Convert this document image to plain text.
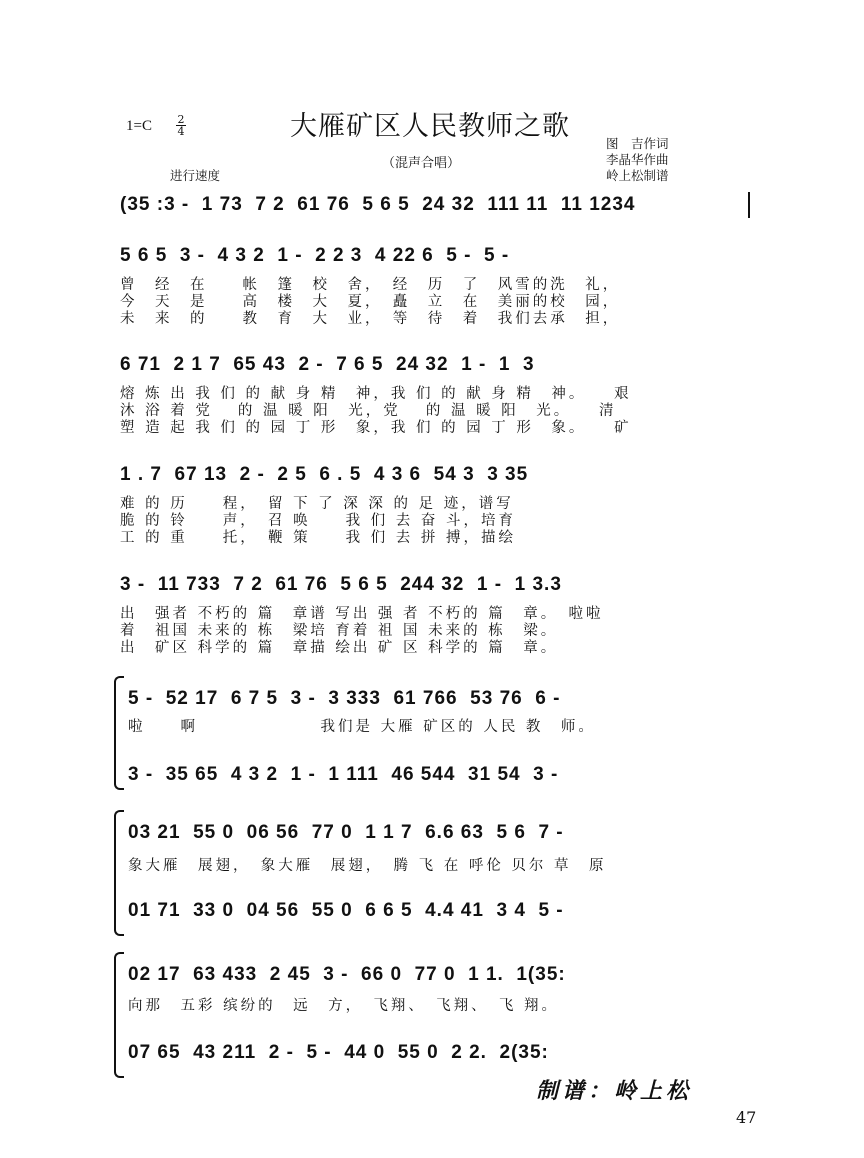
大雁矿区人民教师之歌
1=C 2
4
（混声合唱）
图　吉作词
李晶华作曲
岭上松制谱
进行速度
(35 :3 -  1 73  7 2  61 76  5 6 5  24 32  111 11  11 1234
5 6 5  3 -  4 3 2  1 -  2 2 3  4 22 6  5 -  5 -
曾　经　在　　帐　篷　校　舍，　经　历　了　风雪的洗　礼，
今　天　是　　高　楼　大　夏，　矗　立　在　美丽的校　园，
未　来　的　　教　育　大　业，　等　待　着　我们去承　担，
6 71  2 1 7  65 43  2 -  7 6 5  24 32  1 -  1  3
熔 炼 出 我 们 的 献 身 精　神，我 们 的 献 身 精　神。　　艰
沐 浴 着 党　 的 温 暖 阳　光，党　 的 温 暖 阳　光。　　清
塑 造 起 我 们 的 园 丁 形　象，我 们 的 园 丁 形　象。　　矿
1 . 7  67 13  2 -  2 5  6 . 5  4 3 6  54 3  3 35
难 的 历　　程，　留 下 了 深 深 的 足 迹，谱写
脆 的 铃　　声，　召 唤　　我 们 去 奋 斗，培育
工 的 重　　托，　鞭 策　　我 们 去 拼 搏，描绘
3 -  11 733  7 2  61 76  5 6 5  244 32  1 -  1 3.3
出　强者 不朽的 篇　章谱 写出 强 者 不朽的 篇　章。　啦啦
着　祖国 未来的 栋　梁培 育着 祖 国 未来的 栋　梁。
出　矿区 科学的 篇　章描 绘出 矿 区 科学的 篇　章。
5 -  52 17  6 7 5  3 -  3 333  61 766  53 76  6 -
啦　　啊　　　　　　　我们是 大雁 矿区的 人民 教　师。
3 -  35 65  4 3 2  1 -  1 111  46 544  31 54  3 -
03 21  55 0  06 56  77 0  1 1 7  6.6 63  5 6  7 -
象大雁　展翅，　象大雁　展翅，　腾 飞 在 呼伦 贝尔 草　原
01 71  33 0  04 56  55 0  6 6 5  4.4 41  3 4  5 -
02 17  63 433  2 45  3 -  66 0  77 0  1 1.  1(35:
向那　五彩 缤纷的　远　方，　飞翔、　飞翔、　飞 翔。
07 65  43 211  2 -  5 -  44 0  55 0  2 2.  2(35:
制谱：岭上松
47
